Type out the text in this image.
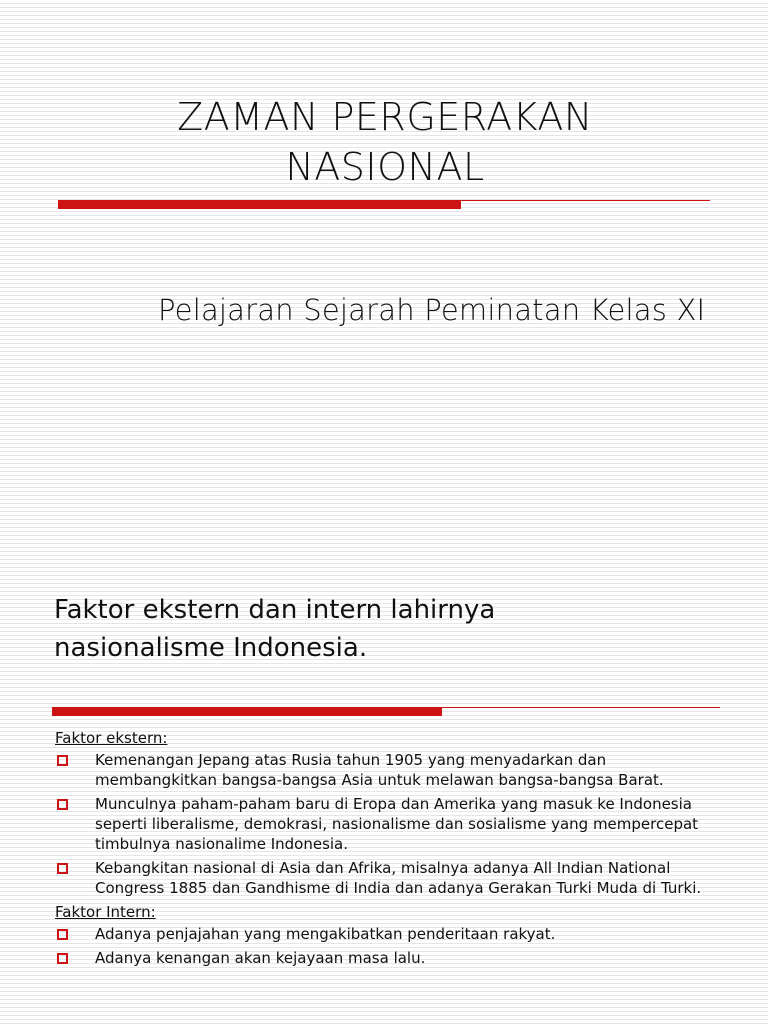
ZAMAN PERGERAKAN
NASIONAL
Pelajaran Sejarah Peminatan Kelas XI
Faktor ekstern dan intern lahirnya
nasionalisme Indonesia.
Faktor ekstern:
Kemenangan Jepang atas Rusia tahun 1905 yang menyadarkan dan membangkitkan bangsa-bangsa Asia untuk melawan bangsa-bangsa Barat.
Munculnya paham-paham baru di Eropa dan Amerika yang masuk ke Indonesia seperti liberalisme, demokrasi, nasionalisme dan sosialisme yang mempercepat timbulnya nasionalime Indonesia.
Kebangkitan nasional di Asia dan Afrika, misalnya adanya All Indian National Congress 1885 dan Gandhisme di India dan adanya Gerakan Turki Muda di Turki.
Faktor Intern:
Adanya penjajahan yang mengakibatkan penderitaan rakyat.
Adanya kenangan akan kejayaan masa lalu.
